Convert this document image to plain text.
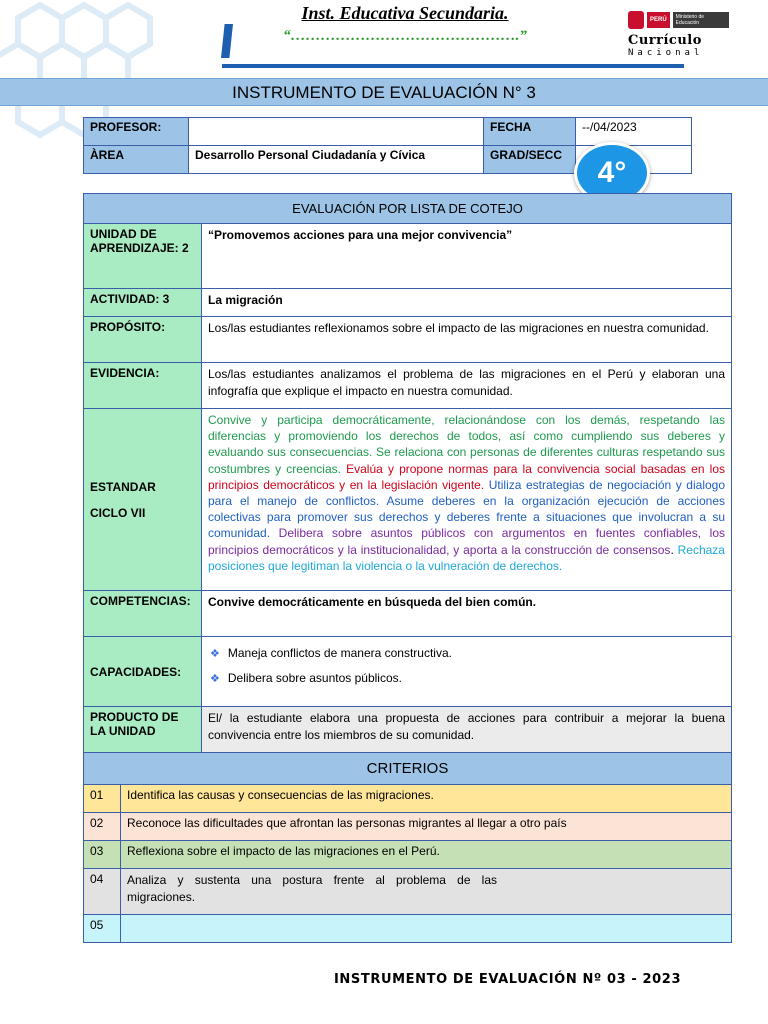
Inst. Educativa Secundaria.
“……………………………………….”
PERÚ	Ministerio de Educación
Currículo
Nacional
INSTRUMENTO DE EVALUACIÓN N° 3
PROFESOR:		FECHA	--/04/2023
ÀREA	Desarrollo Personal Ciudadanía y Cívica	GRAD/SECC	
4°
EVALUACIÓN POR LISTA DE COTEJO	
UNIDAD DE APRENDIZAJE: 2	“Promovemos acciones para una mejor convivencia”
ACTIVIDAD: 3	La migración
PROPÓSITO:	Los/las estudiantes reflexionamos sobre el impacto de las migraciones en nuestra comunidad.
EVIDENCIA:	Los/las estudiantes analizamos el problema de las migraciones en el Perú y elaboran una infografía que explique el impacto en nuestra comunidad.

ESTANDAR
CICLO VII	Convive y participa democráticamente, relacionándose con los demás, respetando las diferencias y promoviendo los derechos de todos, así como cumpliendo sus deberes y evaluando sus consecuencias. Se relaciona con personas de diferentes culturas respetando sus costumbres y creencias. Evalúa y propone normas para la convivencia social basadas en los principios democráticos y en la legislación vigente. Utiliza estrategias de negociación y dialogo para el manejo de conflictos. Asume deberes en la organización ejecución de acciones colectivas para promover sus derechos y deberes frente a situaciones que involucran a su comunidad. Delibera sobre asuntos públicos con argumentos en fuentes confiables, los principios democráticos y la institucionalidad, y aporta a la construcción de consensos. Rechaza posiciones que legitiman la violencia o la vulneración de derechos.
COMPETENCIAS:	Convive democráticamente en búsqueda del bien común.
CAPACIDADES:	❖ Maneja conflictos de manera constructiva.
❖ Delibera sobre asuntos públicos.

PRODUCTO DE LA UNIDAD	El/ la estudiante elabora una propuesta de acciones para contribuir a mejorar la buena convivencia entre los miembros de su comunidad.
CRITERIOS	
01	Identifica las causas y consecuencias de las migraciones.
02	Reconoce las dificultades que afrontan las personas migrantes al llegar a otro país
03	Reflexiona sobre el impacto de las migraciones en el Perú.
04	Analiza y sustenta una postura frente al problema de las migraciones.

05	
INSTRUMENTO DE EVALUACIÓN Nº 03 - 2023
